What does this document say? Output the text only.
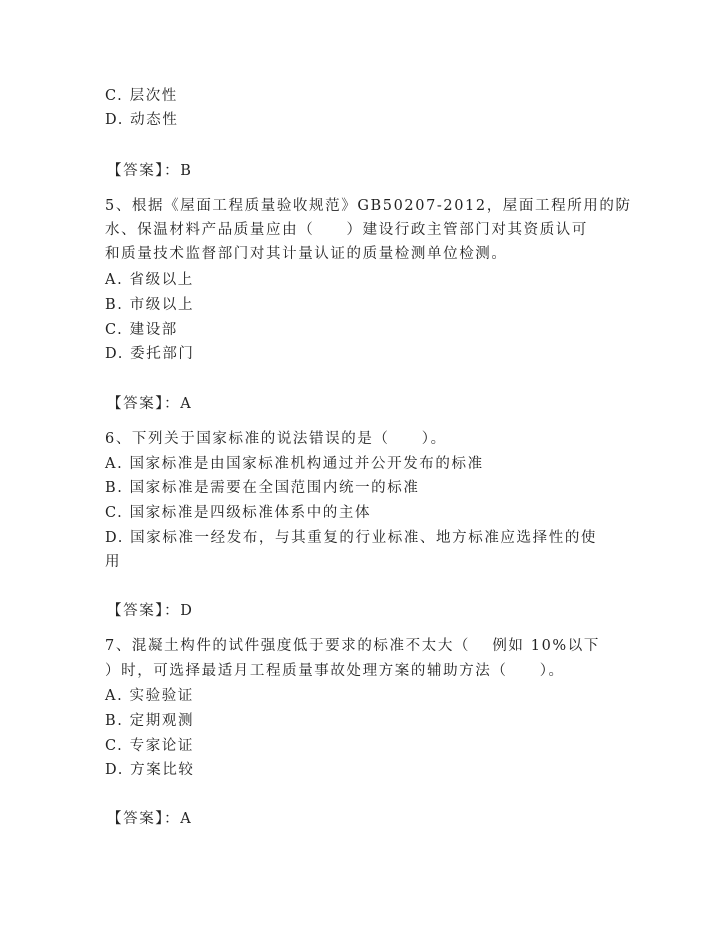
C. 层次性
D. 动态性
【答案】：B
5、根据《屋面工程质量验收规范》GB50207-2012，屋面工程所用的防
水、保温材料产品质量应由（　　）建设行政主管部门对其资质认可
和质量技术监督部门对其计量认证的质量检测单位检测。
A. 省级以上
B. 市级以上
C. 建设部
D. 委托部门
【答案】：A
6、下列关于国家标准的说法错误的是（　　）。
A. 国家标准是由国家标准机构通过并公开发布的标准
B. 国家标准是需要在全国范围内统一的标准
C. 国家标准是四级标准体系中的主体
D. 国家标准一经发布，与其重复的行业标准、地方标准应选择性的使
用
【答案】：D
7、混凝土构件的试件强度低于要求的标准不太大（　 例如 10%以下
）时，可选择最适月工程质量事故处理方案的辅助方法（　　）。
A. 实验验证
B. 定期观测
C. 专家论证
D. 方案比较
【答案】：A
